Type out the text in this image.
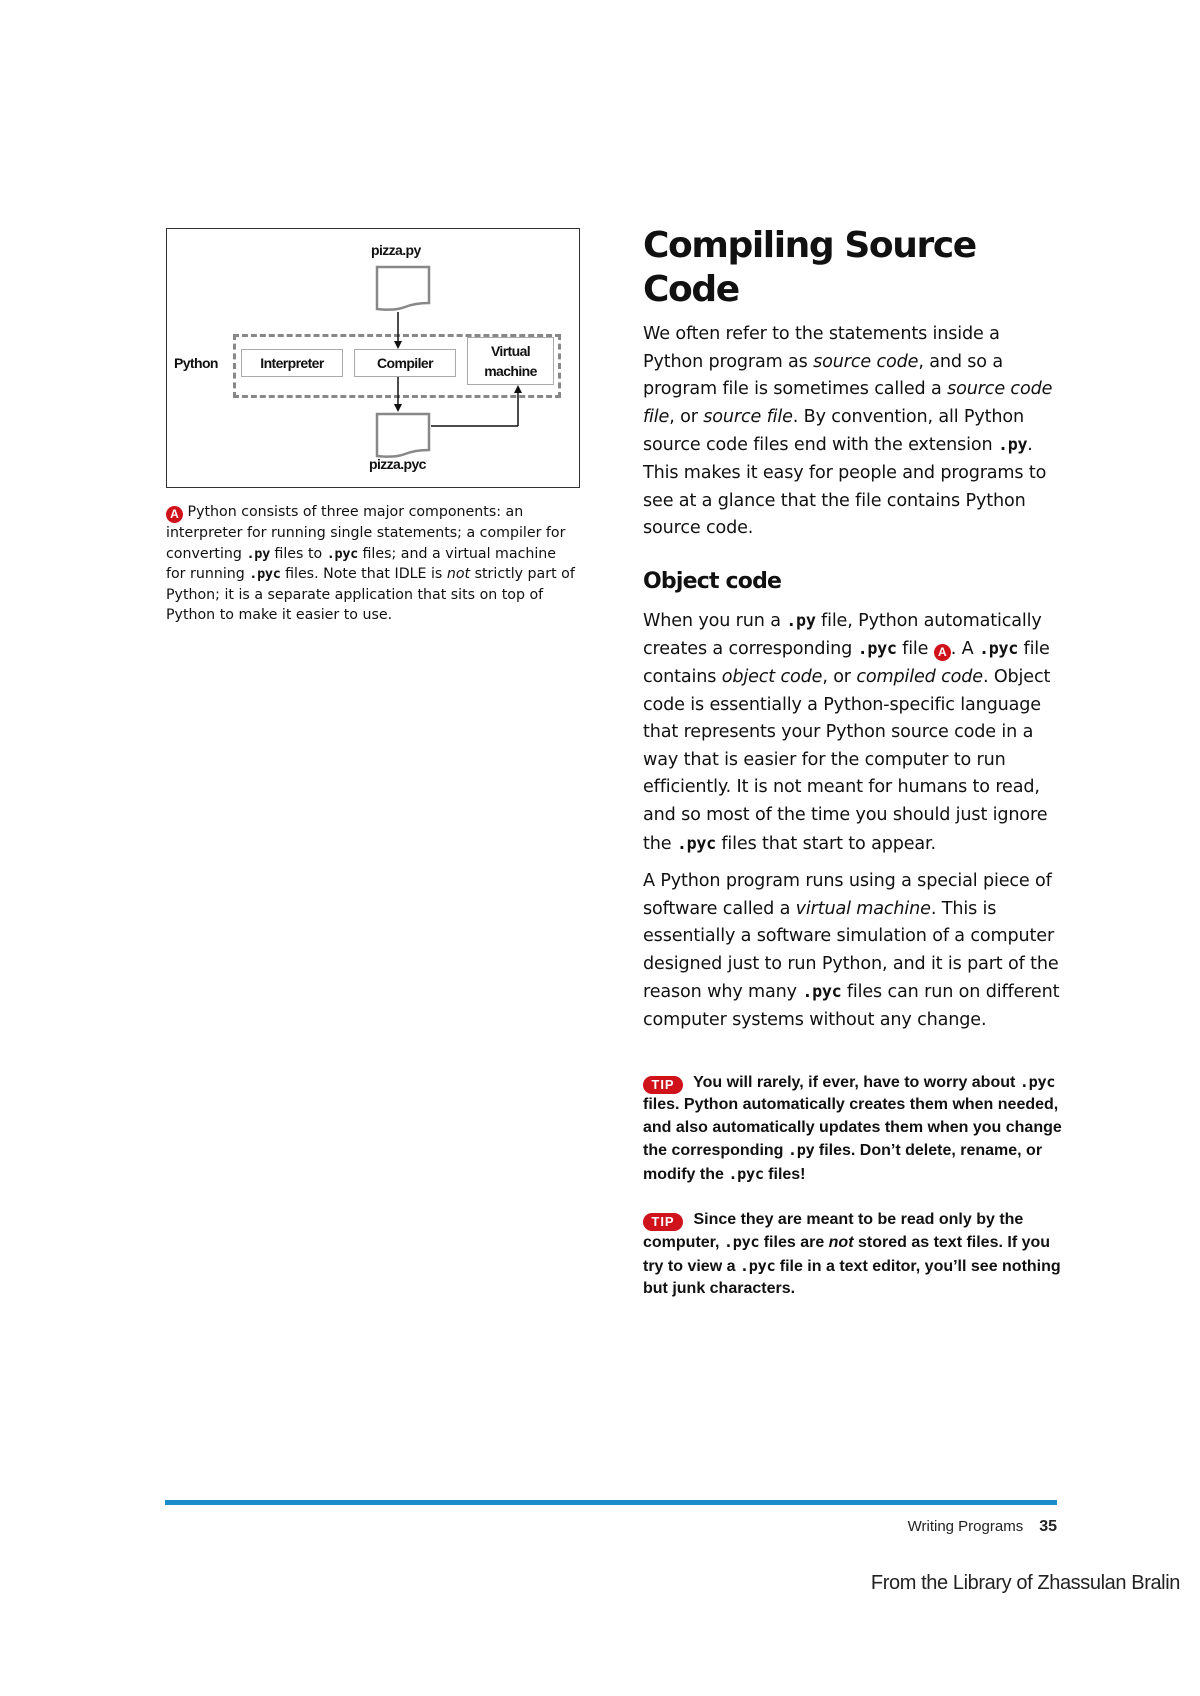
pizza.py
Python	Interpreter	Compiler
Virtual
machine
pizza.pyc
A Python consists of three major components: an interpreter for running single statements; a compiler for converting .py files to .pyc files; and a virtual machine for running .pyc files. Note that IDLE is not strictly part of Python; it is a separate application that sits on top of Python to make it easier to use.
Compiling Source Code

We often refer to the statements inside a Python program as source code, and so a program file is sometimes called a source code file, or source file. By convention, all Python source code files end with the extension .py. This makes it easy for people and programs to see at a glance that the file contains Python source code.

Object code

When you run a .py file, Python automatically creates a corresponding .pyc file A . A .pyc file contains object code, or compiled code. Object code is essentially a Python-specific language that represents your Python source code in a way that is easier for the computer to run efficiently. It is not meant for humans to read, and so most of the time you should just ignore the .pyc files that start to appear.

A Python program runs using a special piece of software called a virtual machine. This is essentially a software simulation of a computer designed just to run Python, and it is part of the reason why many .pyc files can run on different computer systems without any change.

TIP You will rarely, if ever, have to worry about .pyc files. Python automatically creates them when needed, and also automatically updates them when you change the corresponding .py files. Don’t delete, rename, or modify the .pyc files!

TIP Since they are meant to be read only by the computer, .pyc files are not stored as text files. If you try to view a .pyc file in a text editor, you’ll see nothing but junk characters.

Writing Programs 35
From the Library of Zhassulan Bralin
